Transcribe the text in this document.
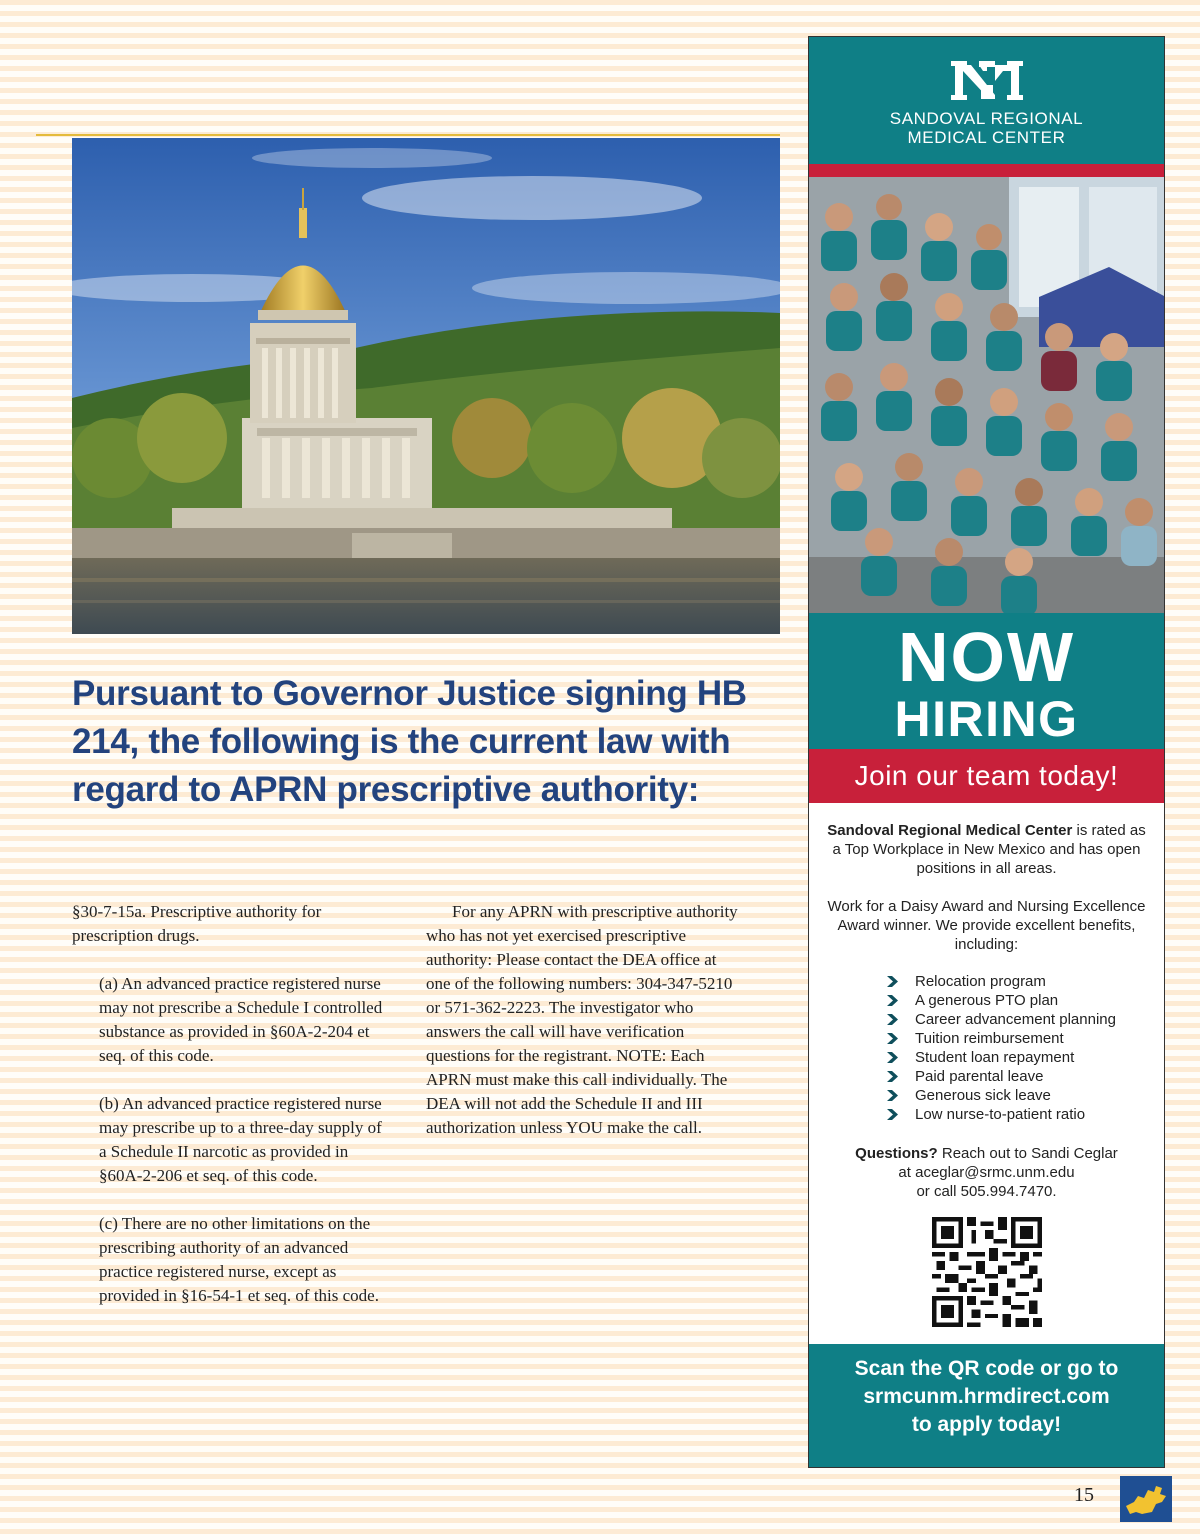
Pursuant to Governor Justice signing HB 214, the following is the current law with regard to APRN prescriptive authority:

§30-7-15a. Prescriptive authority for prescription drugs.

(a) An advanced practice registered nurse may not prescribe a Schedule I controlled substance as provided in §60A-2-204 et seq. of this code.

(b) An advanced practice registered nurse may prescribe up to a three-day supply of a Schedule II narcotic as provided in §60A-2-206 et seq. of this code.

(c) There are no other limitations on the prescribing authority of an advanced practice registered nurse, except as provided in §16-54-1 et seq. of this code.

For any APRN with prescriptive authority who has not yet exercised prescriptive authority: Please contact the DEA office at one of the following numbers: 304-347-5210 or 571-362-2223. The investigator who answers the call will have verification questions for the registrant. NOTE: Each APRN must make this call individually. The DEA will not add the Schedule II and III authorization unless YOU make the call.

SANDOVAL REGIONAL
MEDICAL CENTER
NOW
HIRING
Join our team today!

Sandoval Regional Medical Center is rated as a Top Workplace in New Mexico and has open positions in all areas.

Work for a Daisy Award and Nursing Excellence Award winner. We provide excellent benefits, including:

Relocation program
A generous PTO plan
Career advancement planning
Tuition reimbursement
Student loan repayment
Paid parental leave
Generous sick leave
Low nurse-to-patient ratio

Questions? Reach out to Sandi Ceglar

at aceglar@srmc.unm.edu

or call 505.994.7470.

Scan the QR code or go to
srmcunm.hrmdirect.com
to apply today!
15
